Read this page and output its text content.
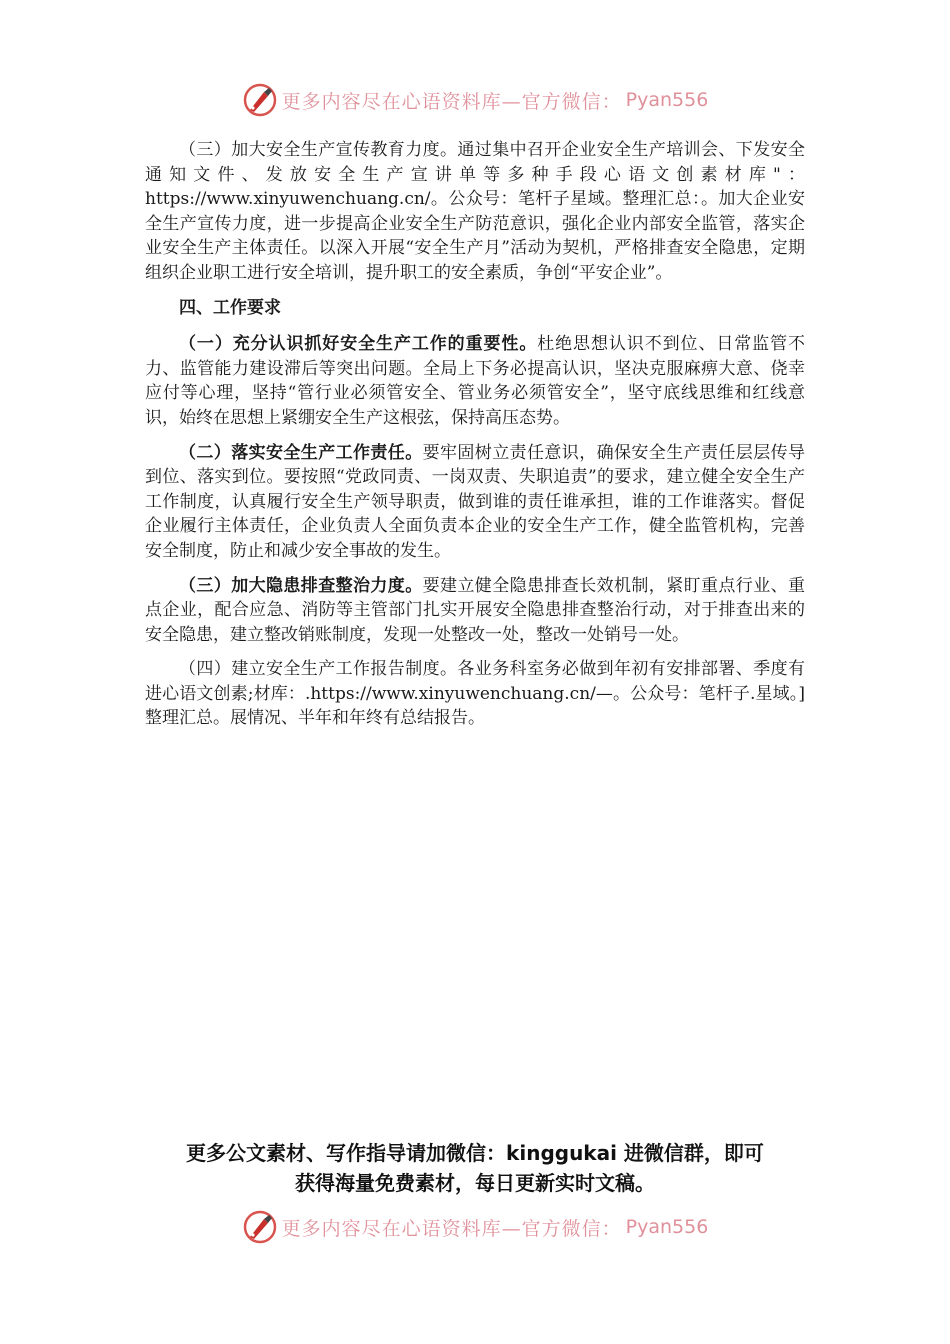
更多内容尽在心语资料库—官方微信： Pyan556

（三）加大安全生产宣传教育力度。通过集中召开企业安全生产培训会、下发安全通知文件、发放安全生产宣讲单等多种手段心语文创素材库"：https://www.xinyuwenchuang.cn/。公众号：笔杆子星域。整理汇总：。加大企业安全生产宣传力度，进一步提高企业安全生产防范意识，强化企业内部安全监管，落实企业安全生产主体责任。以深入开展“安全生产月”活动为契机，严格排查安全隐患，定期组织企业职工进行安全培训，提升职工的安全素质，争创“平安企业”。

四、工作要求

（一）充分认识抓好安全生产工作的重要性。杜绝思想认识不到位、日常监管不力、监管能力建设滞后等突出问题。全局上下务必提高认识，坚决克服麻痹大意、侥幸应付等心理，坚持“管行业必须管安全、管业务必须管安全”，坚守底线思维和红线意识，始终在思想上紧绷安全生产这根弦，保持高压态势。

（二）落实安全生产工作责任。要牢固树立责任意识，确保安全生产责任层层传导到位、落实到位。要按照“党政同责、一岗双责、失职追责”的要求，建立健全安全生产工作制度，认真履行安全生产领导职责，做到谁的责任谁承担，谁的工作谁落实。督促企业履行主体责任，企业负责人全面负责本企业的安全生产工作，健全监管机构，完善安全制度，防止和减少安全事故的发生。

（三）加大隐患排查整治力度。要建立健全隐患排查长效机制，紧盯重点行业、重点企业，配合应急、消防等主管部门扎实开展安全隐患排查整治行动，对于排查出来的安全隐患，建立整改销账制度，发现一处整改一处，整改一处销号一处。

（四）建立安全生产工作报告制度。各业务科室务必做到年初有安排部署、季度有进心语文创素;材库：.https://www.xinyuwenchuang.cn/—。公众号：笔杆子.星域。]整理汇总。展情况、半年和年终有总结报告。

更多公文素材、写作指导请加微信：kinggukai 进微信群，即可
获得海量免费素材，每日更新实时文稿。
更多内容尽在心语资料库—官方微信： Pyan556
